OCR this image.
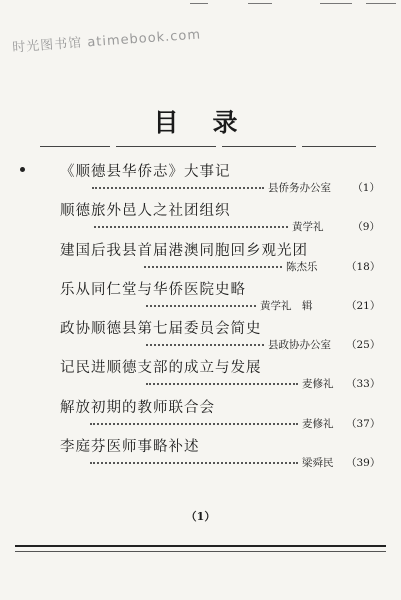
时光图书馆 atimebook.com
目录
《顺德县华侨志》大事记
县侨务办公室	（1）
顺德旅外邑人之社团组织
黄学礼	（9）
建国后我县首届港澳同胞回乡观光团
陈杰乐	（18）
乐从同仁堂与华侨医院史略
黄学礼　辑	（21）
政协顺德县第七届委员会简史
县政协办公室 （25）
记民进顺德支部的成立与发展
麦修礼 （33）
解放初期的教师联合会
麦修礼 （37）
李庭芬医师事略补述
梁舜民 （39）
（1）
